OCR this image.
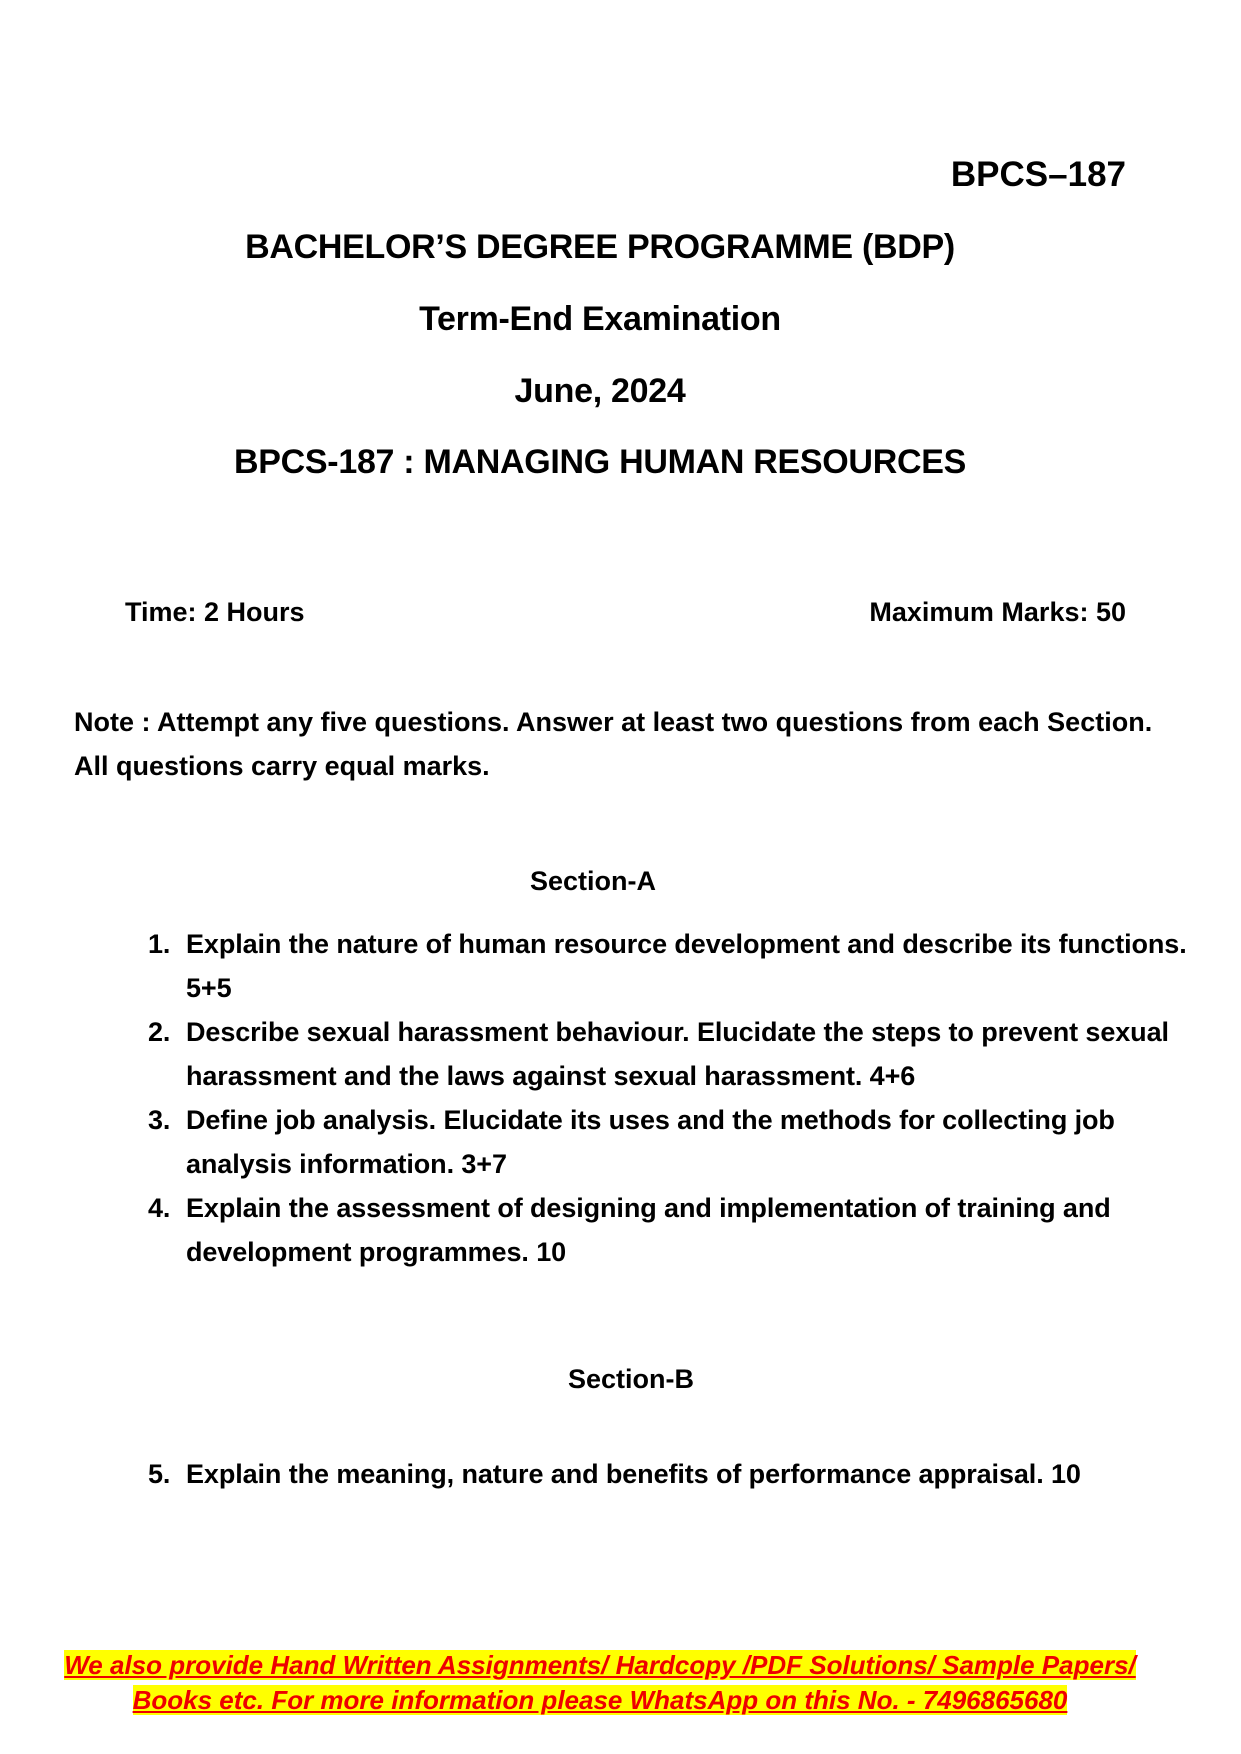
BPCS–187
BACHELOR’S DEGREE PROGRAMME (BDP)
Term-End Examination
June, 2024
BPCS-187 : MANAGING HUMAN RESOURCES
Time: 2 Hours	Maximum Marks: 50
Note : Attempt any five questions. Answer at least two questions from each Section. All questions carry equal marks.
Section-A
1. Explain the nature of human resource development and describe its functions. 5+5
2. Describe sexual harassment behaviour. Elucidate the steps to prevent sexual harassment and the laws against sexual harassment. 4+6
3. Define job analysis. Elucidate its uses and the methods for collecting job analysis information. 3+7
4. Explain the assessment of designing and implementation of training and development programmes. 10
Section-B
5. Explain the meaning, nature and benefits of performance appraisal. 10
We also provide Hand Written Assignments/ Hardcopy /PDF Solutions/ Sample Papers/
Books etc. For more information please WhatsApp on this No. - 7496865680
